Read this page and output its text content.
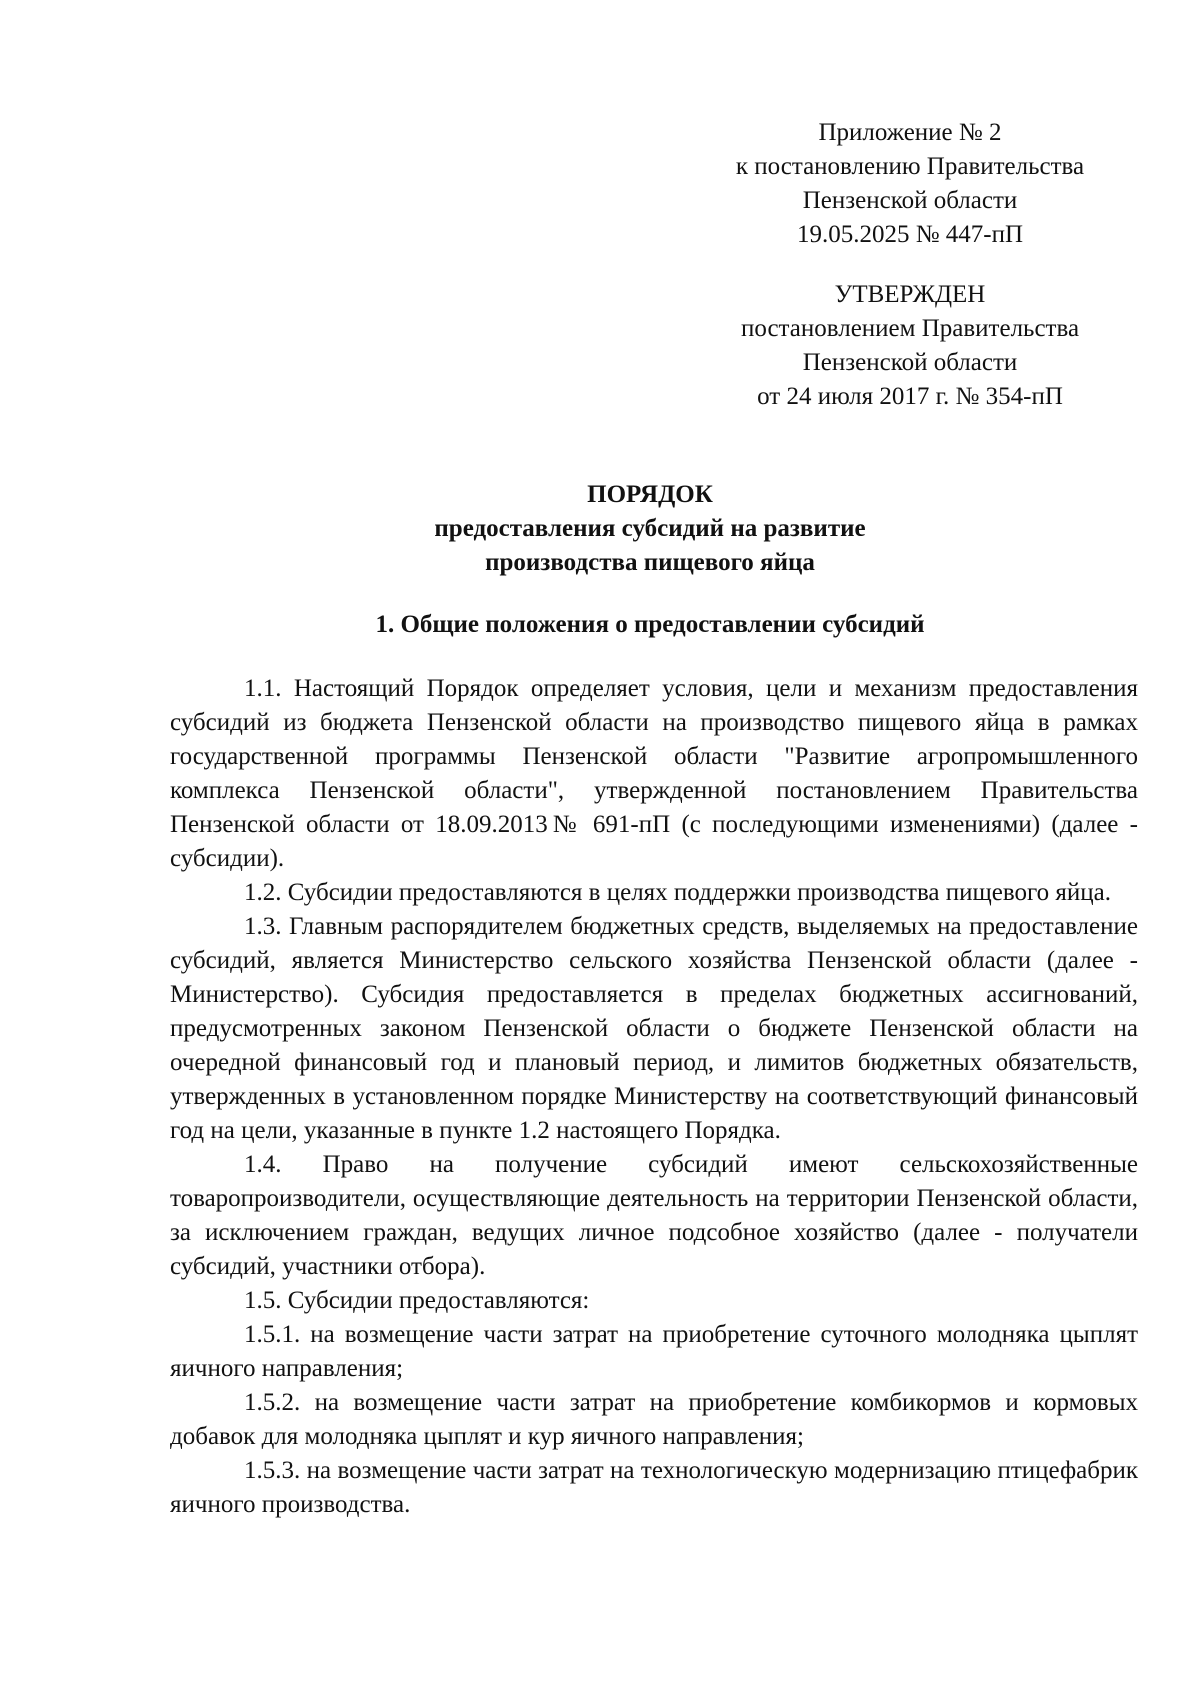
Приложение № 2
к постановлению Правительства
Пензенской области
19.05.2025 № 447-пП
УТВЕРЖДЕН
постановлением Правительства
Пензенской области
от 24 июля 2017 г. № 354-пП
ПОРЯДОК
предоставления субсидий на развитие
производства пищевого яйца
1. Общие положения о предоставлении субсидий

1.1. Настоящий Порядок определяет условия, цели и механизм предоставления субсидий из бюджета Пензенской области на производство пищевого яйца в рамках государственной программы Пензенской области "Развитие агропромышленного комплекса Пензенской области", утвержденной постановлением Правительства Пензенской области от 18.09.2013№ 691-пП (с последующими изменениями) (далее - субсидии).

1.2. Субсидии предоставляются в целях поддержки производства пищевого яйца.

1.3. Главным распорядителем бюджетных средств, выделяемых на предоставление субсидий, является Министерство сельского хозяйства Пензенской области (далее - Министерство). Субсидия предоставляется в пределах бюджетных ассигнований, предусмотренных законом Пензенской области о бюджете Пензенской области на очередной финансовый год и плановый период, и лимитов бюджетных обязательств, утвержденных в установленном порядке Министерству на соответствующий финансовый год на цели, указанные в пункте 1.2 настоящего Порядка.

1.4. Право на получение субсидий имеют сельскохозяйственные товаропроизводители, осуществляющие деятельность на территории Пензенской области, за исключением граждан, ведущих личное подсобное хозяйство (далее - получатели субсидий, участники отбора).

1.5. Субсидии предоставляются:

1.5.1. на возмещение части затрат на приобретение суточного молодняка цыплят яичного направления;

1.5.2. на возмещение части затрат на приобретение комбикормов и кормовых добавок для молодняка цыплят и кур яичного направления;

1.5.3. на возмещение части затрат на технологическую модернизацию птицефабрик яичного производства.
